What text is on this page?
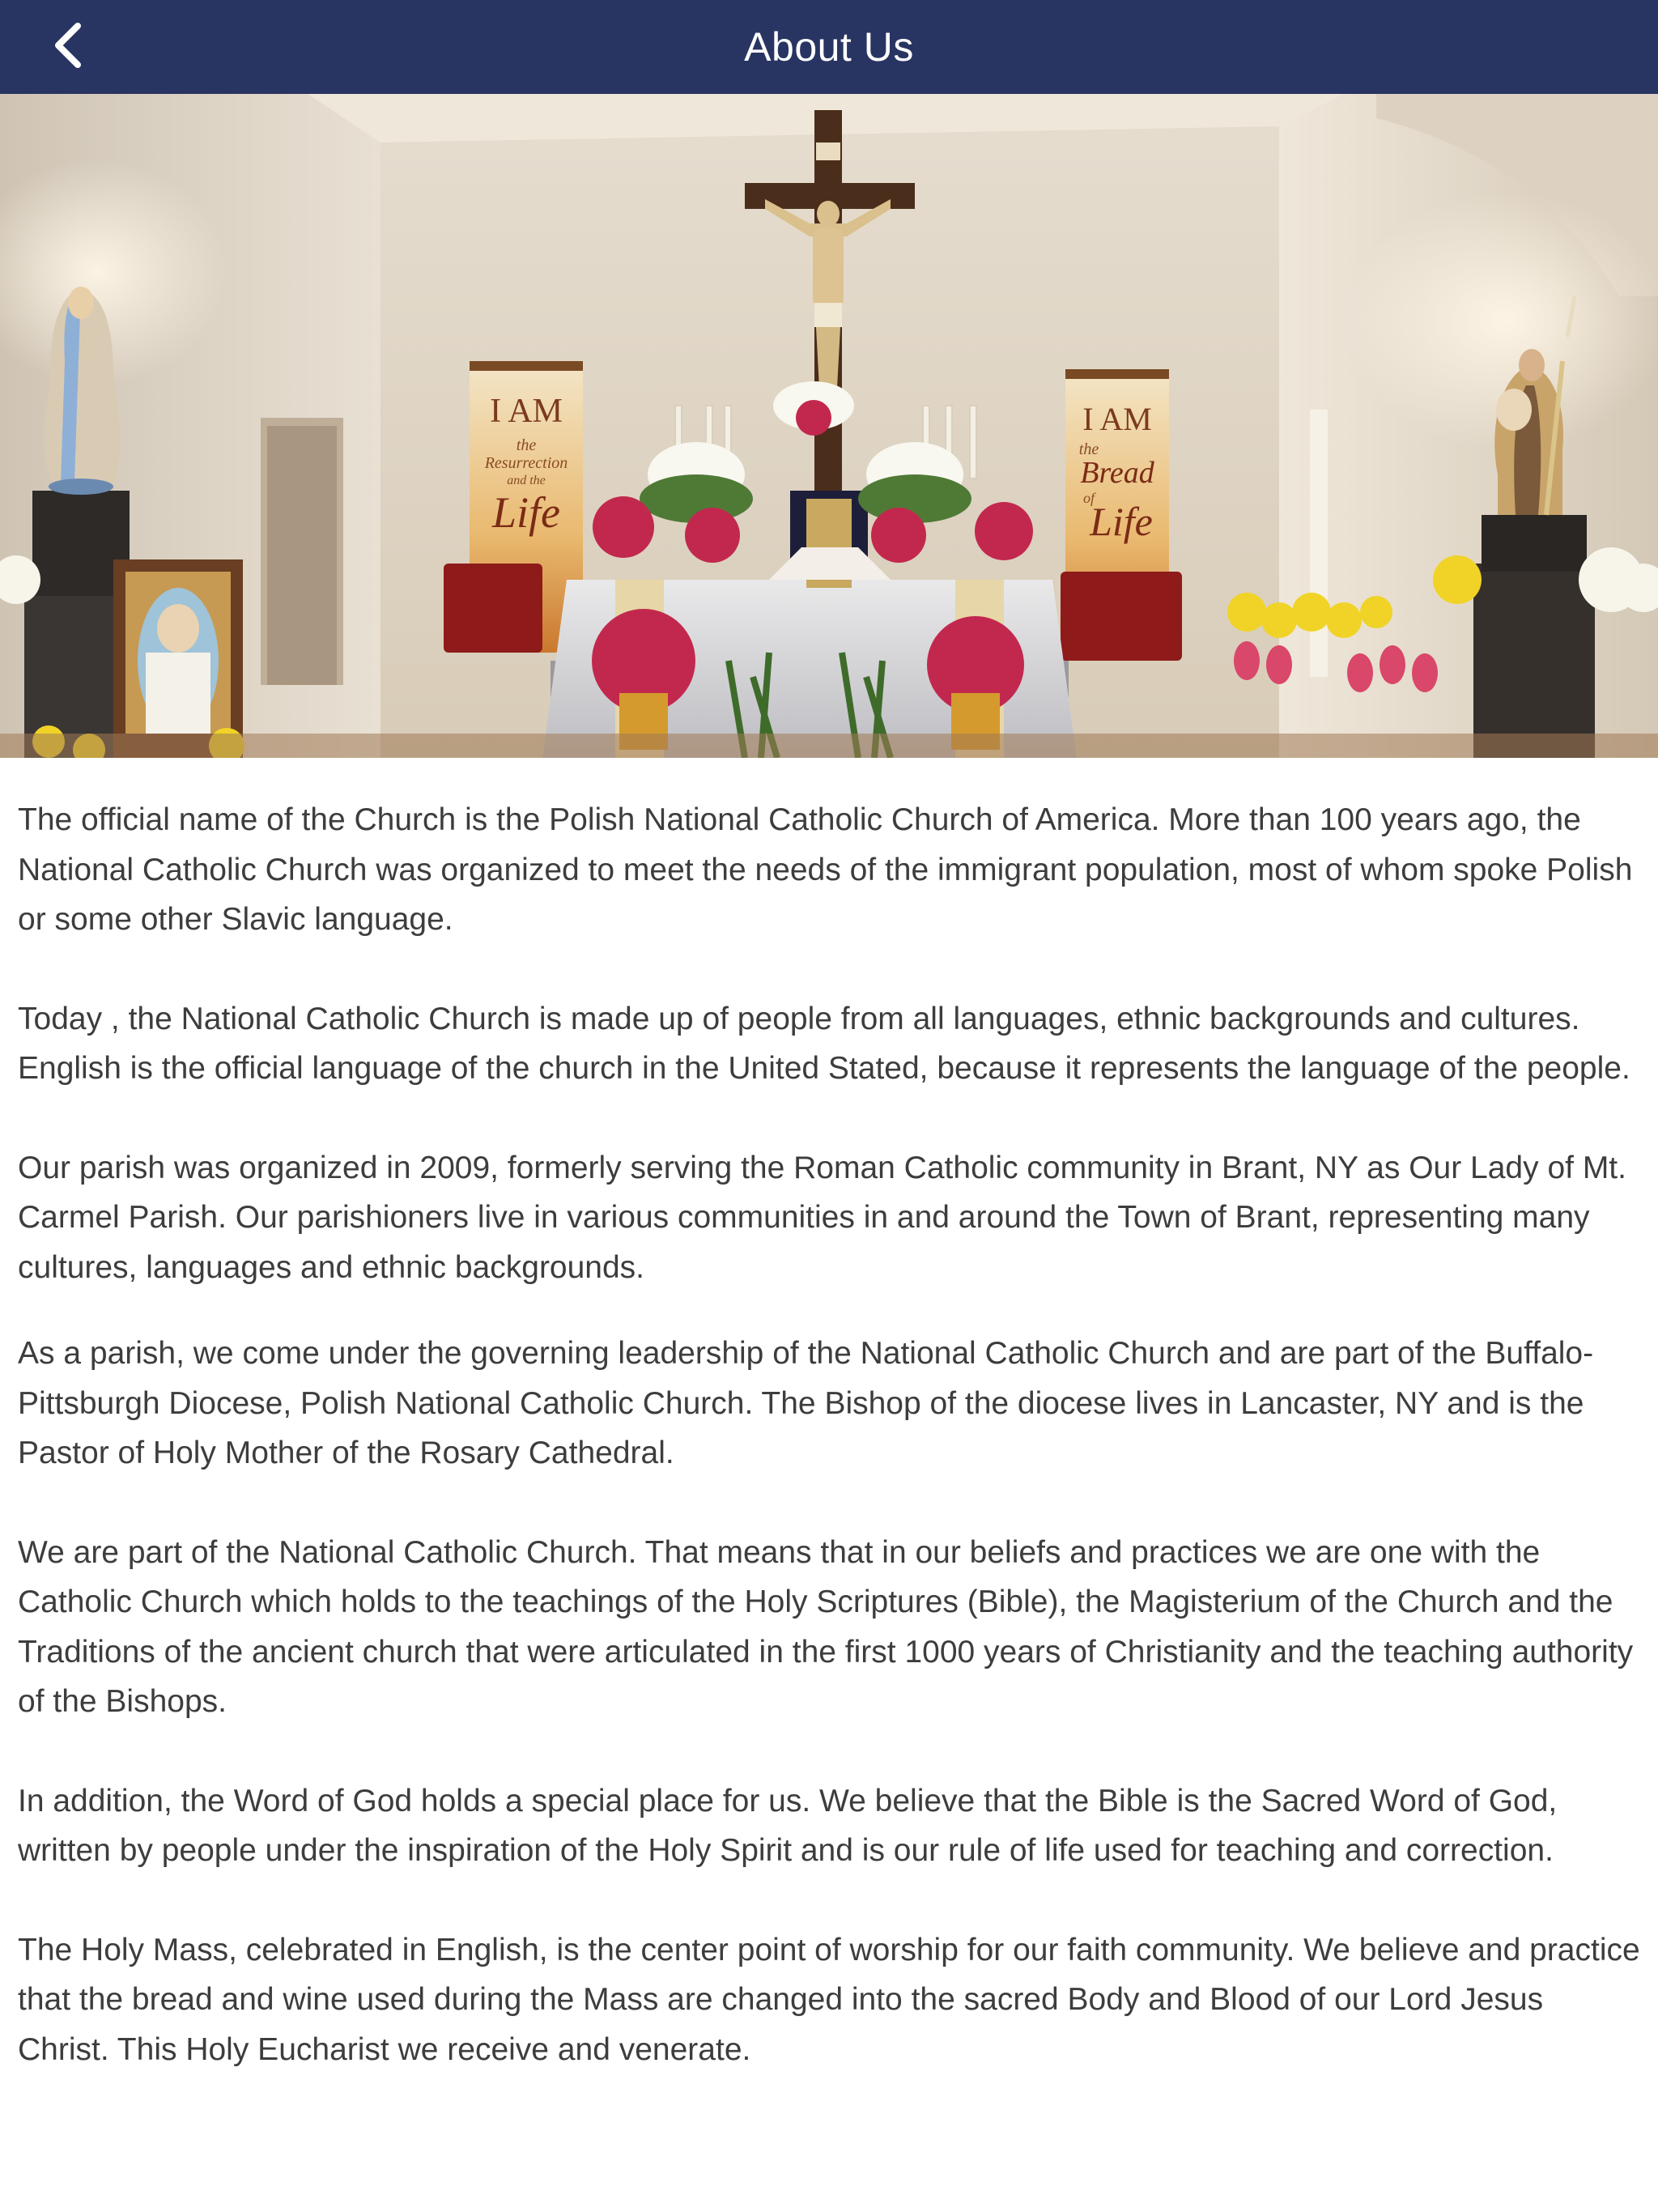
About Us
I AM
the
Resurrection
and the
Life
I AM
the
Bread
of
Life

The official name of the Church is the Polish National Catholic Church of America. More than 100 years ago, the National Catholic Church was organized to meet the needs of the immigrant population, most of whom spoke Polish or some other Slavic language.

Today , the National Catholic Church is made up of people from all languages, ethnic backgrounds and cultures. English is the official language of the church in the United Stated, because it represents the language of the people.

Our parish was organized in 2009, formerly serving the Roman Catholic community in Brant, NY as Our Lady of Mt. Carmel Parish. Our parishioners live in various communities in and around the Town of Brant, representing many cultures, languages and ethnic backgrounds.

As a parish, we come under the governing leadership of the National Catholic Church and are part of the Buffalo-Pittsburgh Diocese, Polish National Catholic Church. The Bishop of the diocese lives in Lancaster, NY and is the Pastor of Holy Mother of the Rosary Cathedral.

We are part of the National Catholic Church. That means that in our beliefs and practices we are one with the Catholic Church which holds to the teachings of the Holy Scriptures (Bible), the Magisterium of the Church and the Traditions of the ancient church that were articulated in the first 1000 years of Christianity and the teaching authority of the Bishops.

In addition, the Word of God holds a special place for us. We believe that the Bible is the Sacred Word of God, written by people under the inspiration of the Holy Spirit and is our rule of life used for teaching and correction.

The Holy Mass, celebrated in English, is the center point of worship for our faith community. We believe and practice that the bread and wine used during the Mass are changed into the sacred Body and Blood of our Lord Jesus Christ. This Holy Eucharist we receive and venerate.
